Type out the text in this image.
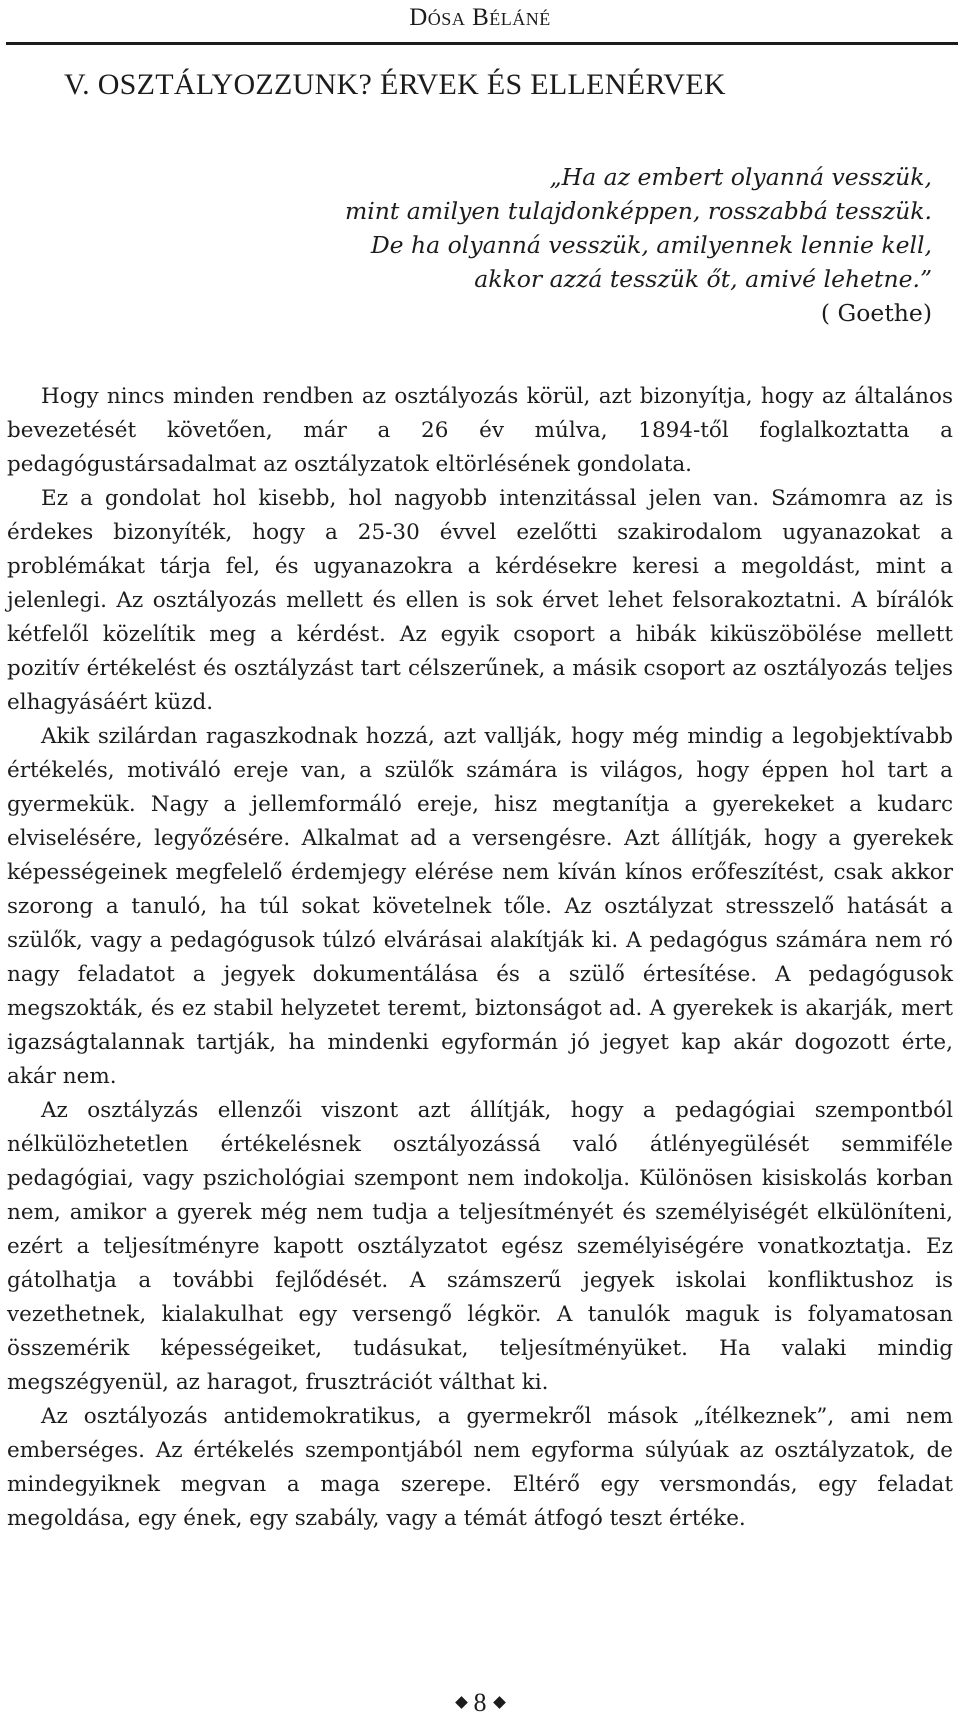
Dósa Béláné
V. OSZTÁLYOZZUNK? ÉRVEK ÉS ELLENÉRVEK
„Ha az embert olyanná vesszük,
mint amilyen tulajdonképpen, rosszabbá tesszük.
De ha olyanná vesszük, amilyennek lennie kell,
akkor azzá tesszük őt, amivé lehetne.”
( Goethe)

Hogy nincs minden rendben az osztályozás körül, azt bizonyítja, hogy az általános bevezetését követően, már a 26 év múlva, 1894-től foglalkoztatta a pedagógustársadalmat az osztályzatok eltörlésének gondolata.

Ez a gondolat hol kisebb, hol nagyobb intenzitással jelen van. Számomra az is érdekes bizonyíték, hogy a 25-30 évvel ezelőtti szakirodalom ugyanazokat a problémákat tárja fel, és ugyanazokra a kérdésekre keresi a megoldást, mint a jelenlegi. Az osztályozás mellett és ellen is sok érvet lehet felsorakoztatni. A bírálók kétfelől közelítik meg a kérdést. Az egyik csoport a hibák kiküszöbölése mellett pozitív értékelést és osztályzást tart célszerűnek, a másik csoport az osztályozás teljes elhagyásáért küzd.

Akik szilárdan ragaszkodnak hozzá, azt vallják, hogy még mindig a legobjektívabb értékelés, motiváló ereje van, a szülők számára is világos, hogy éppen hol tart a gyermekük. Nagy a jellemformáló ereje, hisz megtanítja a gyerekeket a kudarc elviselésére, legyőzésére. Alkalmat ad a versengésre. Azt állítják, hogy a gyerekek képességeinek megfelelő érdemjegy elérése nem kíván kínos erőfeszítést, csak akkor szorong a tanuló, ha túl sokat követelnek tőle. Az osztályzat stresszelő hatását a szülők, vagy a pedagógusok túlzó elvárásai alakítják ki. A pedagógus számára nem ró nagy feladatot a jegyek dokumentálása és a szülő értesítése. A pedagógusok megszokták, és ez stabil helyzetet teremt, biztonságot ad. A gyerekek is akarják, mert igazságtalannak tartják, ha mindenki egyformán jó jegyet kap akár dogozott érte, akár nem.

Az osztályzás ellenzői viszont azt állítják, hogy a pedagógiai szempontból nélkülözhetetlen értékelésnek osztályozássá való átlényegülését semmiféle pedagógiai, vagy pszichológiai szempont nem indokolja. Különösen kisiskolás korban nem, amikor a gyerek még nem tudja a teljesítményét és személyiségét elkülöníteni, ezért a teljesítményre kapott osztályzatot egész személyiségére vonatkoztatja. Ez gátolhatja a további fejlődését. A számszerű jegyek iskolai konfliktushoz is vezethetnek, kialakulhat egy versengő légkör. A tanulók maguk is folyamatosan összemérik képességeiket, tudásukat, teljesítményüket. Ha valaki mindig megszégyenül, az haragot, frusztrációt válthat ki.

Az osztályozás antidemokratikus, a gyermekről mások „ítélkeznek”, ami nem emberséges. Az értékelés szempontjából nem egyforma súlyúak az osztályzatok, de mindegyiknek megvan a maga szerepe. Eltérő egy versmondás, egy feladat megoldása, egy ének, egy szabály, vagy a témát átfogó teszt értéke.

8
